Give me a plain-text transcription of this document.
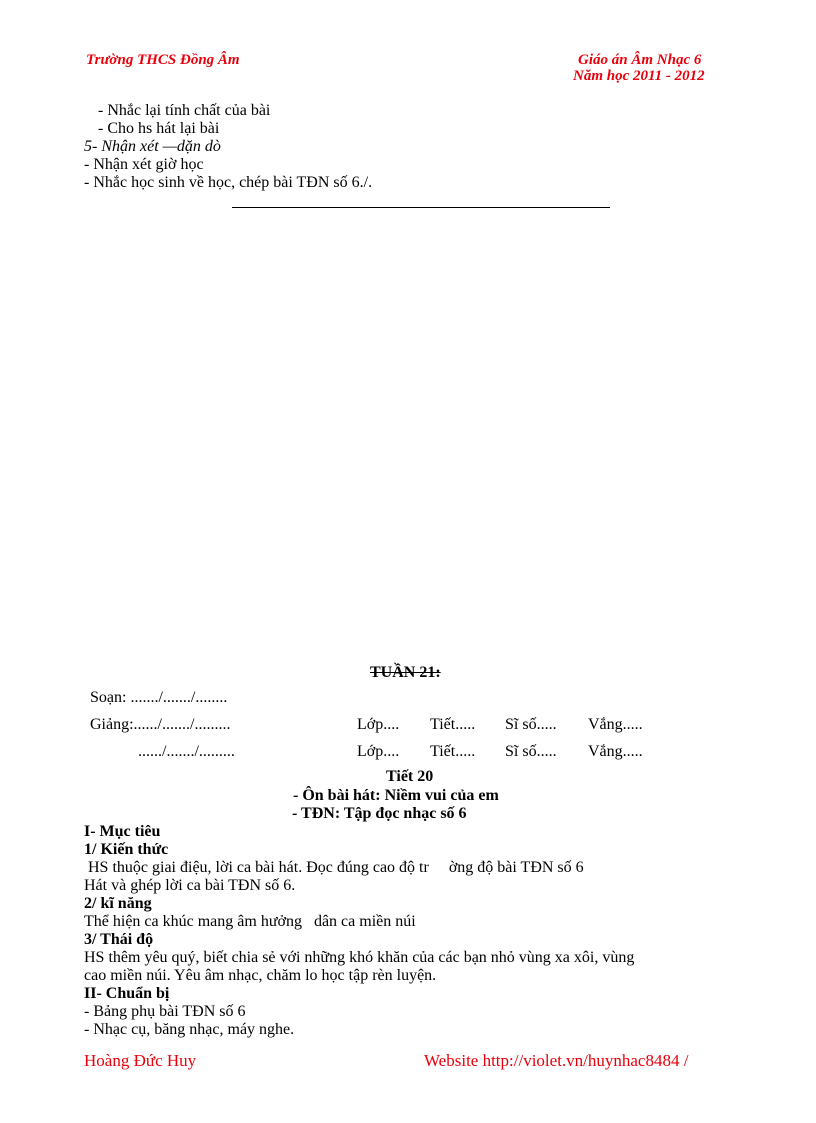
Trường THCS Đồng Âm	Giáo án Âm Nhạc 6
Năm học 2011 - 2012
- Nhắc lại tính chất của bài
- Cho hs hát lại bài
5- Nhận xét —dặn dò
- Nhận xét giờ học
- Nhắc học sinh về học, chép bài TĐN số 6./.
TUẦN 21:
Soạn: ......./......./........
Giảng:....../......./.........	Lớp.... Tiết..... Sĩ số..... Vắng.....
....../......./.........	Lớp.... Tiết..... Sĩ số..... Vắng.....
Tiết 20
- Ôn bài hát: Niềm vui của em
- TĐN: Tập đọc nhạc số 6
I- Mục tiêu
1/ Kiến thức
HS thuộc giai điệu, lời ca bài hát. Đọc đúng cao độ tr     ờng độ bài TĐN số 6
Hát và ghép lời ca bài TĐN số 6.
2/ kĩ năng
Thể hiện ca khúc mang âm hưởng   dân ca miền núi
3/ Thái độ
HS thêm yêu quý, biết chia sẻ với những khó khăn của các bạn nhỏ vùng xa xôi, vùng
cao miền núi. Yêu âm nhạc, chăm lo học tập rèn luyện.
II- Chuẩn bị
- Bảng phụ bài TĐN số 6
- Nhạc cụ, băng nhạc, máy nghe.
Hoàng Đức Huy	Website http://violet.vn/huynhac8484 /
